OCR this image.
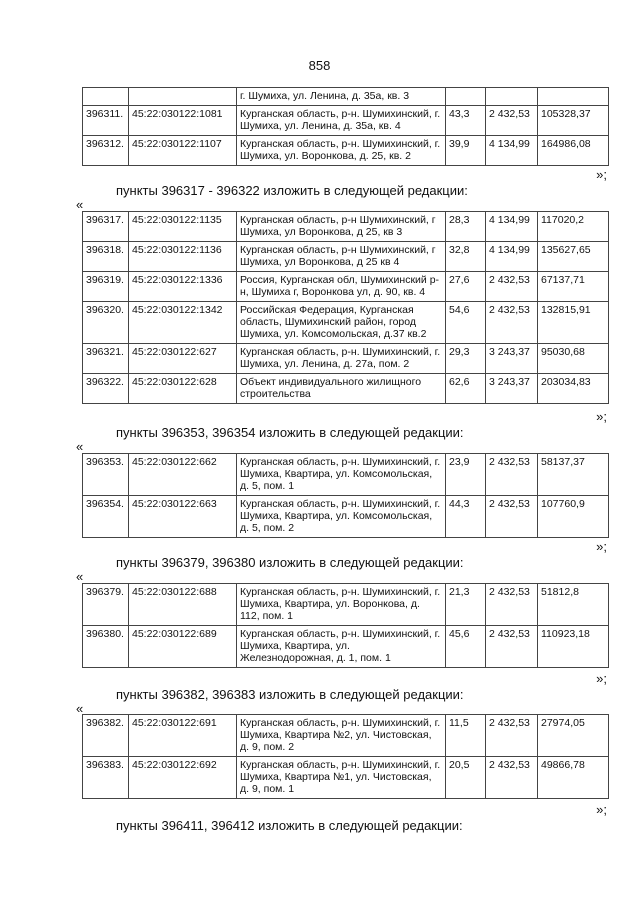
858
		г. Шумиха, ул. Ленина, д. 35а, кв. 3			
396311.	45:22:030122:1081	Курганская область, р-н. Шумихинский, г. Шумиха, ул. Ленина, д. 35а, кв. 4	43,3	2 432,53	105328,37
396312.	45:22:030122:1107	Курганская область, р-н. Шумихинский, г. Шумиха, ул. Воронкова, д. 25, кв. 2	39,9	4 134,99	164986,08
»;
пункты 396317 - 396322 изложить в следующей редакции:
«
396317.	45:22:030122:1135	Курганская область, р-н Шумихинский, г Шумиха, ул Воронкова, д 25, кв 3	28,3	4 134,99	117020,2
396318.	45:22:030122:1136	Курганская область, р-н Шумихинский, г Шумиха, ул Воронкова, д 25 кв 4	32,8	4 134,99	135627,65
396319.	45:22:030122:1336	Россия, Курганская обл, Шумихинский р-н, Шумиха г, Воронкова ул, д. 90, кв. 4	27,6	2 432,53	67137,71
396320.	45:22:030122:1342	Российская Федерация, Курганская область, Шумихинский район, город Шумиха, ул. Комсомольская, д.37 кв.2	54,6	2 432,53	132815,91
396321.	45:22:030122:627	Курганская область, р-н. Шумихинский, г. Шумиха, ул. Ленина, д. 27а, пом. 2	29,3	3 243,37	95030,68
396322.	45:22:030122:628	Объект индивидуального жилищного строительства	62,6	3 243,37	203034,83
»;
пункты 396353, 396354 изложить в следующей редакции:
«
396353.	45:22:030122:662	Курганская область, р-н. Шумихинский, г. Шумиха, Квартира, ул. Комсомольская, д. 5, пом. 1	23,9	2 432,53	58137,37
396354.	45:22:030122:663	Курганская область, р-н. Шумихинский, г. Шумиха, Квартира, ул. Комсомольская, д. 5, пом. 2	44,3	2 432,53	107760,9
»;
пункты 396379, 396380 изложить в следующей редакции:
«
396379.	45:22:030122:688	Курганская область, р-н. Шумихинский, г. Шумиха, Квартира, ул. Воронкова, д. 112, пом. 1	21,3	2 432,53	51812,8
396380.	45:22:030122:689	Курганская область, р-н. Шумихинский, г. Шумиха, Квартира, ул. Железнодорожная, д. 1, пом. 1	45,6	2 432,53	110923,18
»;
пункты 396382, 396383 изложить в следующей редакции:
«
396382.	45:22:030122:691	Курганская область, р-н. Шумихинский, г. Шумиха, Квартира №2, ул. Чистовская, д. 9, пом. 2	11,5	2 432,53	27974,05
396383.	45:22:030122:692	Курганская область, р-н. Шумихинский, г. Шумиха, Квартира №1, ул. Чистовская, д. 9, пом. 1	20,5	2 432,53	49866,78
»;
пункты 396411, 396412 изложить в следующей редакции:
